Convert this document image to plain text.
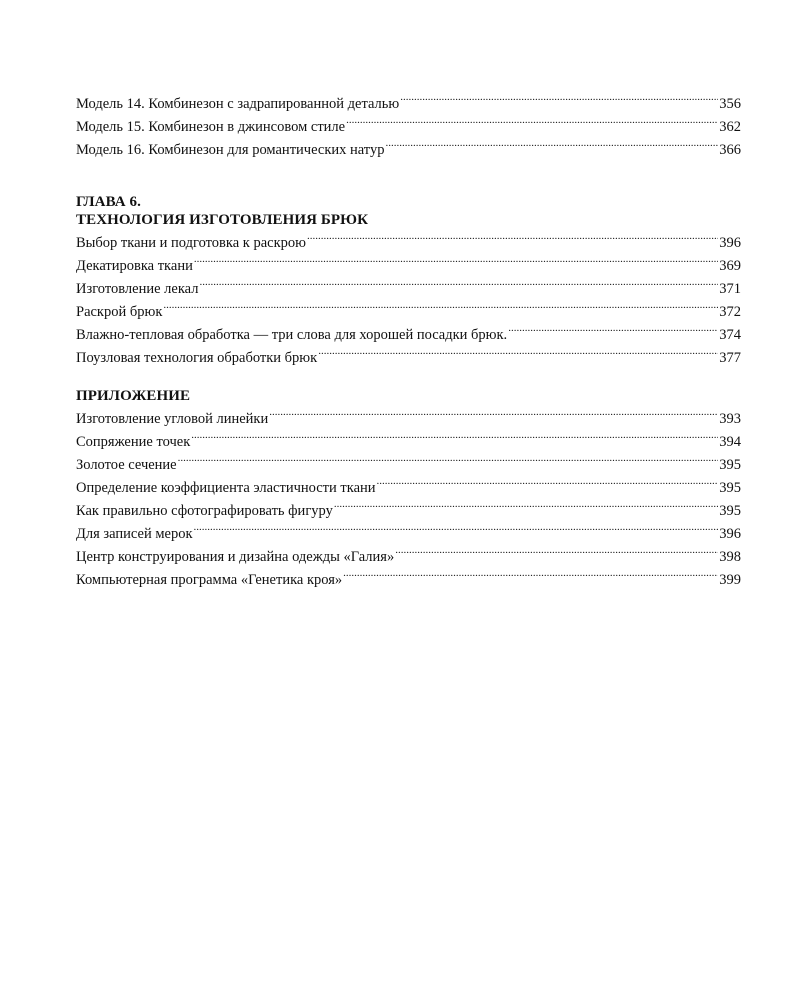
Модель 14. Комбинезон с задрапированной деталью .....	356
Модель 15. Комбинезон в джинсовом стиле .....	362
Модель 16. Комбинезон для романтических натур .....	366
ГЛАВА 6.
ТЕХНОЛОГИЯ ИЗГОТОВЛЕНИЯ БРЮК
Выбор ткани и подготовка к раскрою .....	396
Декатировка ткани .....	369
Изготовление лекал .....	371
Раскрой брюк .....	372
Влажно-тепловая обработка — три слова для хорошей посадки брюк. .....	374
Поузловая технология обработки брюк .....	377
ПРИЛОЖЕНИЕ
Изготовление угловой линейки .....	393
Сопряжение точек .....	394
Золотое сечение .....	395
Определение коэффициента эластичности ткани .....	395
Как правильно сфотографировать фигуру .....	395
Для записей мерок .....	396
Центр конструирования и дизайна одежды «Галия» .....	398
Компьютерная программа «Генетика кроя» .....	399
